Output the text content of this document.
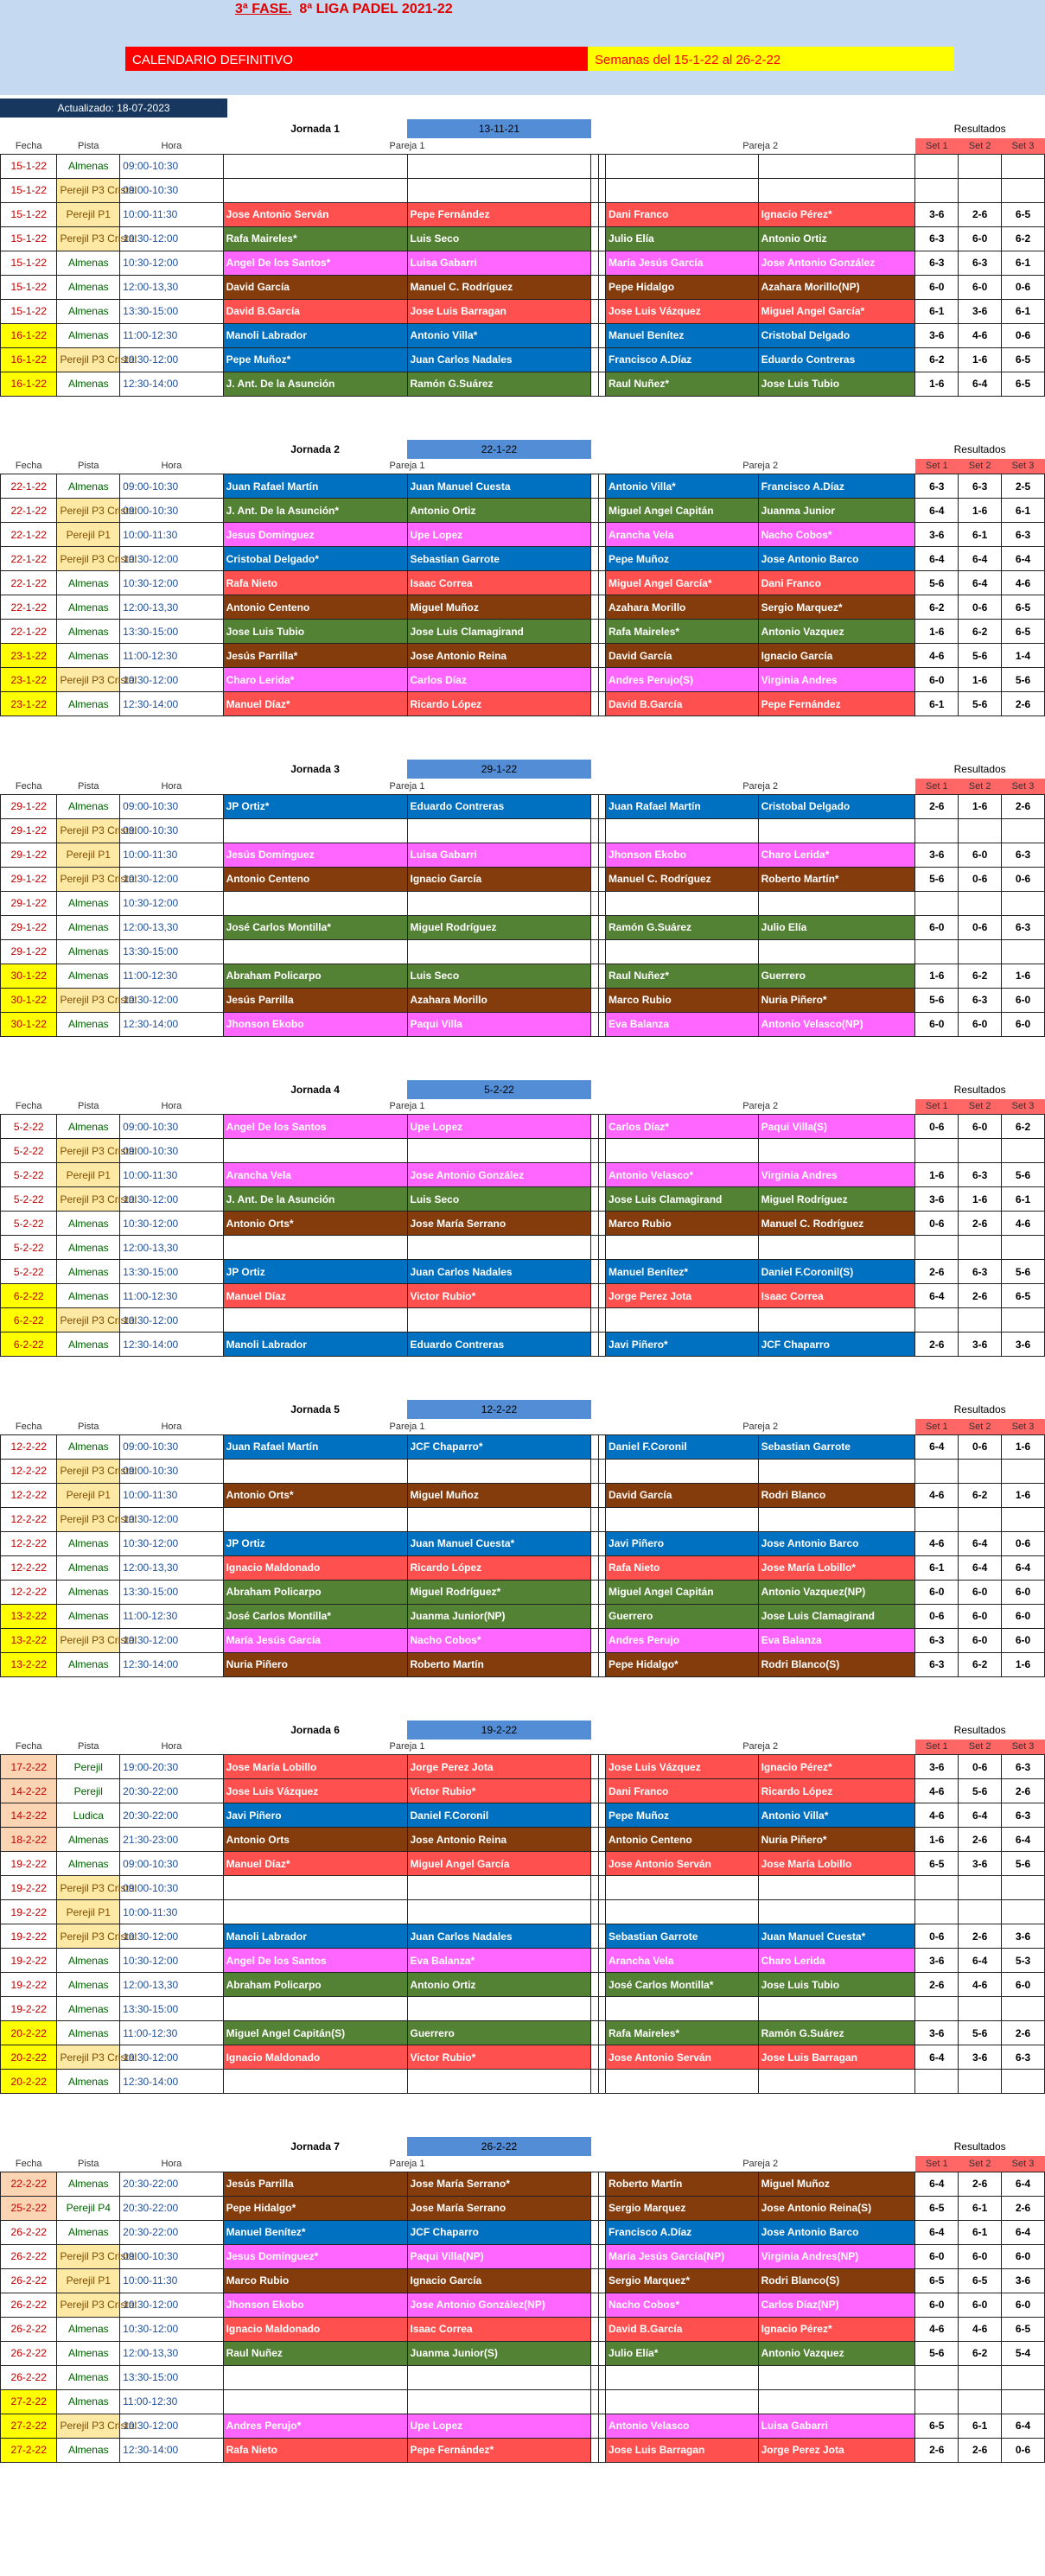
3ª FASE. 8ª LIGA PADEL 2021-22
CALENDARIO DEFINITIVO	Semanas del 15-1-22 al 26-2-22
Actualizado: 18-07-2023
			Jornada 1	13-11-21					Resultados		
Fecha	Pista	Hora	Pareja 1				Pareja 2		Set 1	Set 2	Set 3
15-1-22	Almenas	09:00-10:30									
15-1-22	Perejil P3 Cristal	09:00-10:30									
15-1-22	Perejil P1	10:00-11:30	Jose Antonio Serván	Pepe Fernández			Dani Franco	Ignacio Pérez*	3-6	2-6	6-5
15-1-22	Perejil P3 Cristal	10:30-12:00	Rafa Maireles*	Luis Seco			Julio Elía	Antonio Ortiz	6-3	6-0	6-2
15-1-22	Almenas	10:30-12:00	Angel De los Santos*	Luisa Gabarri			María Jesús García	Jose Antonio González	6-3	6-3	6-1
15-1-22	Almenas	12:00-13,30	David García	Manuel C. Rodríguez			Pepe Hidalgo	Azahara Morillo(NP)	6-0	6-0	0-6
15-1-22	Almenas	13:30-15:00	David B.García	Jose Luis Barragan			Jose Luis Vázquez	Miguel Angel García*	6-1	3-6	6-1
16-1-22	Almenas	11:00-12:30	Manoli Labrador	Antonio Villa*			Manuel Benítez	Cristobal Delgado	3-6	4-6	0-6
16-1-22	Perejil P3 Cristal	10:30-12:00	Pepe Muñoz*	Juan Carlos Nadales			Francisco A.Díaz	Eduardo Contreras	6-2	1-6	6-5
16-1-22	Almenas	12:30-14:00	J. Ant. De la Asunción	Ramón G.Suárez			Raul Nuñez*	Jose Luis Tubio	1-6	6-4	6-5
			Jornada 2	22-1-22					Resultados		
Fecha	Pista	Hora	Pareja 1				Pareja 2		Set 1	Set 2	Set 3
22-1-22	Almenas	09:00-10:30	Juan Rafael Martín	Juan Manuel Cuesta			Antonio Villa*	Francisco A.Díaz	6-3	6-3	2-5
22-1-22	Perejil P3 Cristal	09:00-10:30	J. Ant. De la Asunción*	Antonio Ortiz			Miguel Angel Capitán	Juanma Junior	6-4	1-6	6-1
22-1-22	Perejil P1	10:00-11:30	Jesus Domínguez	Upe Lopez			Arancha Vela	Nacho Cobos*	3-6	6-1	6-3
22-1-22	Perejil P3 Cristal	10:30-12:00	Cristobal Delgado*	Sebastian Garrote			Pepe Muñoz	Jose Antonio Barco	6-4	6-4	6-4
22-1-22	Almenas	10:30-12:00	Rafa Nieto	Isaac Correa			Miguel Angel García*	Dani Franco	5-6	6-4	4-6
22-1-22	Almenas	12:00-13,30	Antonio Centeno	Miguel Muñoz			Azahara Morillo	Sergio Marquez*	6-2	0-6	6-5
22-1-22	Almenas	13:30-15:00	Jose Luis Tubio	Jose Luis Clamagirand			Rafa Maireles*	Antonio Vazquez	1-6	6-2	6-5
23-1-22	Almenas	11:00-12:30	Jesús Parrilla*	Jose Antonio Reina			David García	Ignacio García	4-6	5-6	1-4
23-1-22	Perejil P3 Cristal	10:30-12:00	Charo Lerida*	Carlos Díaz			Andres Perujo(S)	Virginia Andres	6-0	1-6	5-6
23-1-22	Almenas	12:30-14:00	Manuel Díaz*	Ricardo López			David B.García	Pepe Fernández	6-1	5-6	2-6
			Jornada 3	29-1-22					Resultados		
Fecha	Pista	Hora	Pareja 1				Pareja 2		Set 1	Set 2	Set 3
29-1-22	Almenas	09:00-10:30	JP Ortiz*	Eduardo Contreras			Juan Rafael Martín	Cristobal Delgado	2-6	1-6	2-6
29-1-22	Perejil P3 Cristal	09:00-10:30									
29-1-22	Perejil P1	10:00-11:30	Jesús Domínguez	Luisa Gabarri			Jhonson Ekobo	Charo Lerida*	3-6	6-0	6-3
29-1-22	Perejil P3 Cristal	10:30-12:00	Antonio Centeno	Ignacio García			Manuel C. Rodríguez	Roberto Martín*	5-6	0-6	0-6
29-1-22	Almenas	10:30-12:00									
29-1-22	Almenas	12:00-13,30	José Carlos Montilla*	Miguel Rodríguez			Ramón G.Suárez	Julio Elía	6-0	0-6	6-3
29-1-22	Almenas	13:30-15:00									
30-1-22	Almenas	11:00-12:30	Abraham Policarpo	Luis Seco			Raul Nuñez*	Guerrero	1-6	6-2	1-6
30-1-22	Perejil P3 Cristal	10:30-12:00	Jesús Parrilla	Azahara Morillo			Marco Rubio	Nuria Piñero*	5-6	6-3	6-0
30-1-22	Almenas	12:30-14:00	Jhonson Ekobo	Paqui Villa			Eva Balanza	Antonio Velasco(NP)	6-0	6-0	6-0
			Jornada 4	5-2-22					Resultados		
Fecha	Pista	Hora	Pareja 1				Pareja 2		Set 1	Set 2	Set 3
5-2-22	Almenas	09:00-10:30	Angel De los Santos	Upe Lopez			Carlos Díaz*	Paqui Villa(S)	0-6	6-0	6-2
5-2-22	Perejil P3 Cristal	09:00-10:30									
5-2-22	Perejil P1	10:00-11:30	Arancha Vela	Jose Antonio González			Antonio Velasco*	Virginia Andres	1-6	6-3	5-6
5-2-22	Perejil P3 Cristal	10:30-12:00	J. Ant. De la Asunción	Luis Seco			Jose Luis Clamagirand	Miguel Rodríguez	3-6	1-6	6-1
5-2-22	Almenas	10:30-12:00	Antonio Orts*	Jose María Serrano			Marco Rubio	Manuel C. Rodríguez	0-6	2-6	4-6
5-2-22	Almenas	12:00-13,30									
5-2-22	Almenas	13:30-15:00	JP Ortiz	Juan Carlos Nadales			Manuel Benítez*	Daniel F.Coronil(S)	2-6	6-3	5-6
6-2-22	Almenas	11:00-12:30	Manuel Díaz	Victor Rubio*			Jorge Perez Jota	Isaac Correa	6-4	2-6	6-5
6-2-22	Perejil P3 Cristal	10:30-12:00									
6-2-22	Almenas	12:30-14:00	Manoli Labrador	Eduardo Contreras			Javi Piñero*	JCF Chaparro	2-6	3-6	3-6
			Jornada 5	12-2-22					Resultados		
Fecha	Pista	Hora	Pareja 1				Pareja 2		Set 1	Set 2	Set 3
12-2-22	Almenas	09:00-10:30	Juan Rafael Martín	JCF Chaparro*			Daniel F.Coronil	Sebastian Garrote	6-4	0-6	1-6
12-2-22	Perejil P3 Cristal	09:00-10:30									
12-2-22	Perejil P1	10:00-11:30	Antonio Orts*	Miguel Muñoz			David García	Rodri Blanco	4-6	6-2	1-6
12-2-22	Perejil P3 Cristal	10:30-12:00									
12-2-22	Almenas	10:30-12:00	JP Ortiz	Juan Manuel Cuesta*			Javi Piñero	Jose Antonio Barco	4-6	6-4	0-6
12-2-22	Almenas	12:00-13,30	Ignacio Maldonado	Ricardo López			Rafa Nieto	Jose María Lobillo*	6-1	6-4	6-4
12-2-22	Almenas	13:30-15:00	Abraham Policarpo	Miguel Rodríguez*			Miguel Angel Capitán	Antonio Vazquez(NP)	6-0	6-0	6-0
13-2-22	Almenas	11:00-12:30	José Carlos Montilla*	Juanma Junior(NP)			Guerrero	Jose Luis Clamagirand	0-6	6-0	6-0
13-2-22	Perejil P3 Cristal	10:30-12:00	María Jesús García	Nacho Cobos*			Andres Perujo	Eva Balanza	6-3	6-0	6-0
13-2-22	Almenas	12:30-14:00	Nuria Piñero	Roberto Martín			Pepe Hidalgo*	Rodri Blanco(S)	6-3	6-2	1-6
			Jornada 6	19-2-22					Resultados		
Fecha	Pista	Hora	Pareja 1				Pareja 2		Set 1	Set 2	Set 3
17-2-22	Perejil	19:00-20:30	Jose María Lobillo	Jorge Perez Jota			Jose Luis Vázquez	Ignacio Pérez*	3-6	0-6	6-3
14-2-22	Perejil	20:30-22:00	Jose Luis Vázquez	Victor Rubio*			Dani Franco	Ricardo López	4-6	5-6	2-6
14-2-22	Ludica	20:30-22:00	Javi Piñero	Daniel F.Coronil			Pepe Muñoz	Antonio Villa*	4-6	6-4	6-3
18-2-22	Almenas	21:30-23:00	Antonio Orts	Jose Antonio Reina			Antonio Centeno	Nuria Piñero*	1-6	2-6	6-4
19-2-22	Almenas	09:00-10:30	Manuel Díaz*	Miguel Angel García			Jose Antonio Serván	Jose María Lobillo	6-5	3-6	5-6
19-2-22	Perejil P3 Cristal	09:00-10:30									
19-2-22	Perejil P1	10:00-11:30									
19-2-22	Perejil P3 Cristal	10:30-12:00	Manoli Labrador	Juan Carlos Nadales			Sebastian Garrote	Juan Manuel Cuesta*	0-6	2-6	3-6
19-2-22	Almenas	10:30-12:00	Angel De los Santos	Eva Balanza*			Arancha Vela	Charo Lerida	3-6	6-4	5-3
19-2-22	Almenas	12:00-13,30	Abraham Policarpo	Antonio Ortiz			José Carlos Montilla*	Jose Luis Tubio	2-6	4-6	6-0
19-2-22	Almenas	13:30-15:00									
20-2-22	Almenas	11:00-12:30	Miguel Angel Capitán(S)	Guerrero			Rafa Maireles*	Ramón G.Suárez	3-6	5-6	2-6
20-2-22	Perejil P3 Cristal	10:30-12:00	Ignacio Maldonado	Victor Rubio*			Jose Antonio Serván	Jose Luis Barragan	6-4	3-6	6-3
20-2-22	Almenas	12:30-14:00									
			Jornada 7	26-2-22					Resultados		
Fecha	Pista	Hora	Pareja 1				Pareja 2		Set 1	Set 2	Set 3
22-2-22	Almenas	20:30-22:00	Jesús Parrilla	Jose María Serrano*			Roberto Martín	Miguel Muñoz	6-4	2-6	6-4
25-2-22	Perejil P4	20:30-22:00	Pepe Hidalgo*	Jose María Serrano			Sergio Marquez	Jose Antonio Reina(S)	6-5	6-1	2-6
26-2-22	Almenas	20:30-22:00	Manuel Benítez*	JCF Chaparro			Francisco A.Díaz	Jose Antonio Barco	6-4	6-1	6-4
26-2-22	Perejil P3 Cristal	09:00-10:30	Jesus Domínguez*	Paqui Villa(NP)			María Jesús García(NP)	Virginia Andres(NP)	6-0	6-0	6-0
26-2-22	Perejil P1	10:00-11:30	Marco Rubio	Ignacio García			Sergio Marquez*	Rodri Blanco(S)	6-5	6-5	3-6
26-2-22	Perejil P3 Cristal	10:30-12:00	Jhonson Ekobo	Jose Antonio González(NP)			Nacho Cobos*	Carlos Díaz(NP)	6-0	6-0	6-0
26-2-22	Almenas	10:30-12:00	Ignacio Maldonado	Isaac Correa			David B.García	Ignacio Pérez*	4-6	4-6	6-5
26-2-22	Almenas	12:00-13,30	Raul Nuñez	Juanma Junior(S)			Julio Elía*	Antonio Vazquez	5-6	6-2	5-4
26-2-22	Almenas	13:30-15:00									
27-2-22	Almenas	11:00-12:30									
27-2-22	Perejil P3 Cristal	10:30-12:00	Andres Perujo*	Upe Lopez			Antonio Velasco	Luisa Gabarri	6-5	6-1	6-4
27-2-22	Almenas	12:30-14:00	Rafa Nieto	Pepe Fernández*			Jose Luis Barragan	Jorge Perez Jota	2-6	2-6	0-6
